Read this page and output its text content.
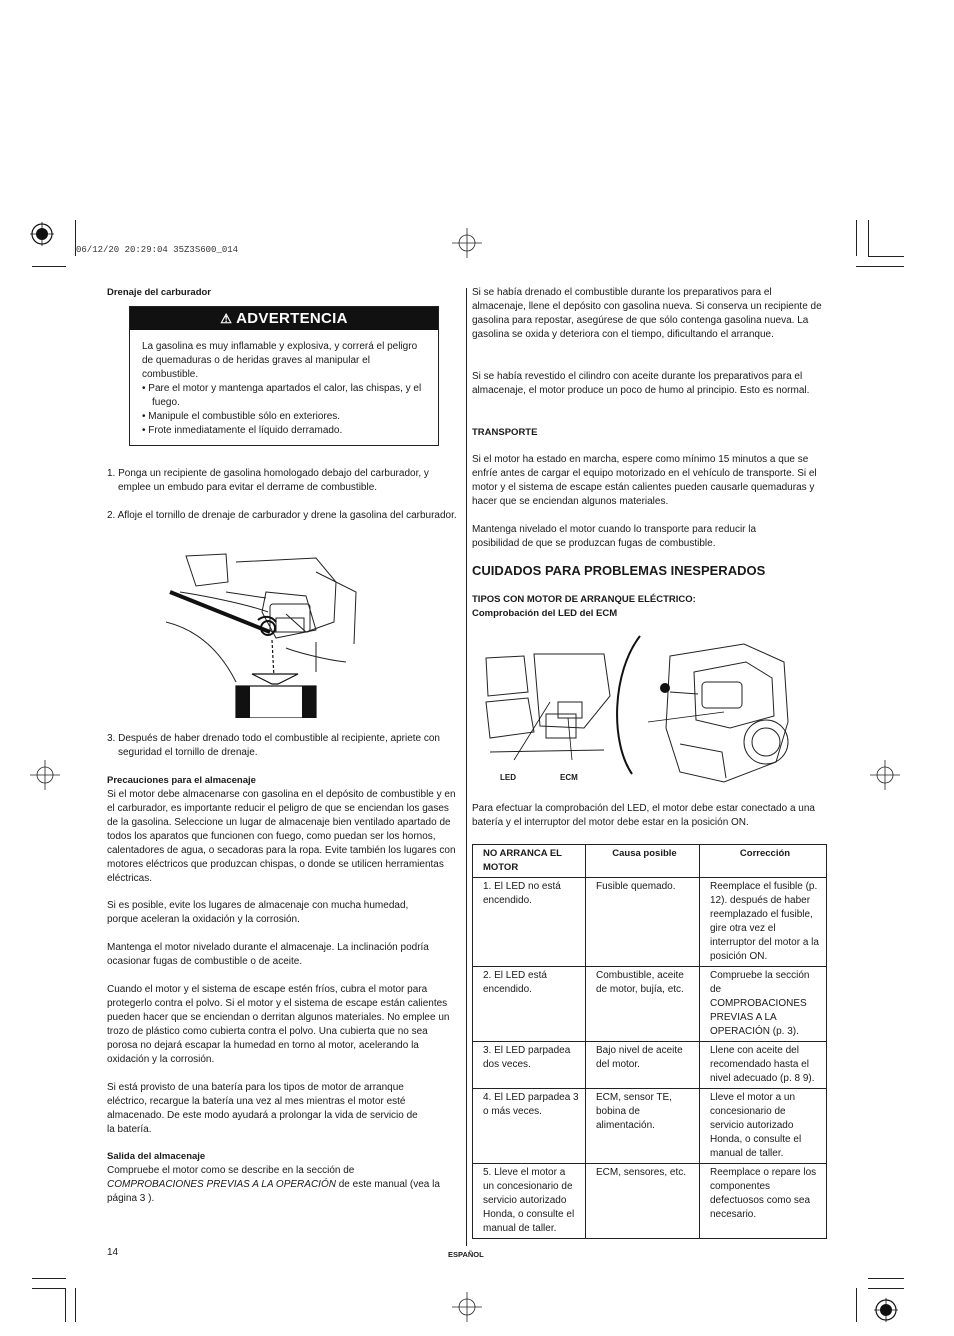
06/12/20 20:29:04 35Z3S600_014
Drenaje del carburador
⚠ ADVERTENCIA

La gasolina es muy inflamable y explosiva, y correrá el peligro de quemaduras o de heridas graves al manipular el combustible.

• Pare el motor y mantenga apartados el calor, las chispas, y el fuego.
• Manipule el combustible sólo en exteriores.
• Frote inmediatamente el líquido derramado.

1. Ponga un recipiente de gasolina homologado debajo del carburador, y emplee un embudo para evitar el derrame de combustible.

2. Afloje el tornillo de drenaje de carburador y drene la gasolina del carburador.

3. Después de haber drenado todo el combustible al recipiente, apriete con seguridad el tornillo de drenaje.

Precauciones para el almacenaje

Si el motor debe almacenarse con gasolina en el depósito de combustible y en el carburador, es importante reducir el peligro de que se enciendan los gases de la gasolina. Seleccione un lugar de almacenaje bien ventilado apartado de todos los aparatos que funcionen con fuego, como puedan ser los hornos, calentadores de agua, o secadoras para la ropa. Evite también los lugares con motores eléctricos que produzcan chispas, o donde se utilicen herramientas eléctricas.

Si es posible, evite los lugares de almacenaje con mucha humedad, porque aceleran la oxidación y la corrosión.

Mantenga el motor nivelado durante el almacenaje. La inclinación podría ocasionar fugas de combustible o de aceite.

Cuando el motor y el sistema de escape estén fríos, cubra el motor para protegerlo contra el polvo. Si el motor y el sistema de escape están calientes pueden hacer que se enciendan o derritan algunos materiales. No emplee un trozo de plástico como cubierta contra el polvo. Una cubierta que no sea porosa no dejará escapar la humedad en torno al motor, acelerando la oxidación y la corrosión.

Si está provisto de una batería para los tipos de motor de arranque eléctrico, recargue la batería una vez al mes mientras el motor esté almacenado. De este modo ayudará a prolongar la vida de servicio de la batería.

Salida del almacenaje

Compruebe el motor como se describe en la sección de
COMPROBACIONES PREVIAS A LA OPERACIÓN de este manual (vea la página 3 ).

Si se había drenado el combustible durante los preparativos para el almacenaje, llene el depósito con gasolina nueva. Si conserva un recipiente de gasolina para repostar, asegúrese de que sólo contenga gasolina nueva. La gasolina se oxida y deteriora con el tiempo, dificultando el arranque.

Si se había revestido el cilindro con aceite durante los preparativos para el almacenaje, el motor produce un poco de humo al principio. Esto es normal.

TRANSPORTE

Si el motor ha estado en marcha, espere como mínimo 15 minutos a que se enfríe antes de cargar el equipo motorizado en el vehículo de transporte. Si el motor y el sistema de escape están calientes pueden causarle quemaduras y hacer que se enciendan algunos materiales.

Mantenga nivelado el motor cuando lo transporte para reducir la posibilidad de que se produzcan fugas de combustible.

CUIDADOS PARA PROBLEMAS INESPERADOS
TIPOS CON MOTOR DE ARRANQUE ELÉCTRICO:
Comprobación del LED del ECM
LED	ECM

Para efectuar la comprobación del LED, el motor debe estar conectado a una batería y el interruptor del motor debe estar en la posición ON.

NO ARRANCA EL MOTOR	Causa posible	Corrección
1. El LED no está encendido.	Fusible quemado.	Reemplace el fusible (p. 12). después de haber reemplazado el fusible, gire otra vez el interruptor del motor a la posición ON.
2. El LED está encendido.	Combustible, aceite de motor, bujía, etc.	Compruebe la sección de COMPROBACIONES PREVIAS A LA OPERACIÓN (p. 3).
3. El LED parpadea dos veces.	Bajo nivel de aceite del motor.	Llene con aceite del recomendado hasta el nivel adecuado (p. 8 9).
4. El LED parpadea 3 o más veces.	ECM, sensor TE, bobina de alimentación.	Lleve el motor a un concesionario de servicio autorizado Honda, o consulte el manual de taller.
5. Lleve el motor a un concesionario de servicio autorizado Honda, o consulte el manual de taller.	ECM, sensores, etc.	Reemplace o repare los componentes defectuosos como sea necesario.
14	ESPAÑOL
